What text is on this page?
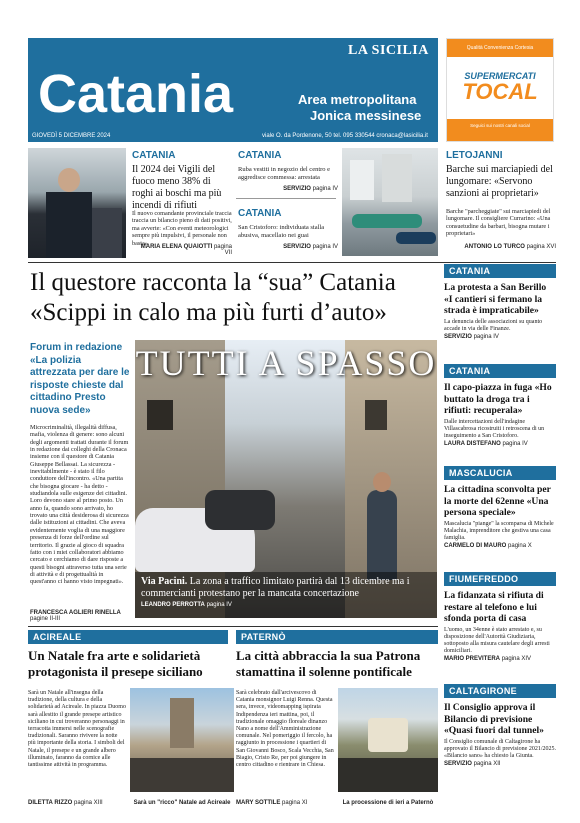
LA SICILIA
Catania	Area metropolitana
Jonica messinese
GIOVEDÌ 5 DICEMBRE 2024	viale O. da Pordenone, 50 tel. 095 330544 cronaca@lasicilia.it
Qualità Convenienza Cortesia
SUPERMERCATI
TOCAL
Seguici sui nostri canali social
CATANIA
Il 2024 dei Vigili del fuoco meno 38% di roghi ai boschi ma più incendi di rifiuti
Il nuovo comandante provinciale tracciа traccia un bilancio pieno di dati positivi, ma avverte: «Con eventi meteorologici sempre più impulsivi, il personale non basta»
MARIA ELENA QUAIOTTI pagina VII
CATANIA
Ruba vestiti in negozio del centro e aggredisce commessa: arrestata
SERVIZIO pagina IV
CATANIA
San Cristoforo: individuata stalla abusiva, macellaio nei guai
SERVIZIO pagina IV
LETOJANNI
Barche sui marciapiedi del lungomare: «Servono sanzioni ai proprietari»
Barche "parcheggiate" sui marciapiedi del lungomare. Il consigliere Currarino: «Una consuetudine da barbari, bisogna mutare i proprietari»
ANTONIO LO TURCO pagina XVI
Il questore racconta la “sua” Catania
«Scippi in calo ma più furti d’auto»
Forum in redazione «La polizia attrezzata per dare le risposte chieste dal cittadino Presto nuova sede»
Microcriminalità, illegalità diffusa, mafia, violenza di genere: sono alcuni degli argomenti trattati durante il forum in redazione dai colleghi della Cronaca insieme con il questore di Catania Giuseppe Bellassai. La sicurezza - inevitabilmente - è stato il filo conduttore dell'incontro. «Una partita che bisogna giocare - ha detto - studiandola sulle esigenze dei cittadini. Loro devono stare al primo posto. Un anno fa, quando sono arrivato, ho trovato una città desiderosa di sicurezza dalle istituzioni ai cittadini. Che aveva evidentemente voglia di una maggiore presenza di forze dell'ordine sul territorio. Il grazie al gioco di squadra fatto con i miei collaboratori abbiamo cercato e cerchiamo di dare risposte a questi bisogni attraverso tutta una serie di attività e di progettualità in quest'anno ci hanno visto impegnati».
FRANCESCA AGLIERI RINELLA pagine II-III
TUTTI A SPASSO
Via Pacini. La zona a traffico limitato partirà dal 13 dicembre ma i commercianti protestano per la mancata concertazione
LEANDRO PERROTTA pagina IV
CATANIA
La protesta a San Berillo «I cantieri si fermano la strada è impraticabile»
La denuncia delle associazioni su quanto accade in via delle Finanze.
SERVIZIO pagina IV
CATANIA
Il capo-piazza in fuga «Ho buttato la droga tra i rifiuti: recuperala»
Dalle intercettazioni dell'indagine Villascabrosa ricostruiti i retroscena di un inseguimento a San Cristoforo.
LAURA DISTEFANO pagina IV
MASCALUCIA
La cittadina sconvolta per la morte del 62enne «Una persona speciale»
Mascalucia "piange" la scomparsa di Michele Malachia, imprenditore che gestiva una casa famiglia.
CARMELO DI MAURO pagina X
FIUMEFREDDO
La fidanzata si rifiuta di restare al telefono e lui sfonda porta di casa
L'uomo, un 34enne è stato arrestato e, su disposizione dell'Autorità Giudiziaria, sottoposto alla misura cautelare degli arresti domiciliari.
MARIO PREVITERA pagina XIV
CALTAGIRONE
Il Consiglio approva il Bilancio di previsione «Quasi fuori dal tunnel»
Il Consiglio comunale di Caltagirone ha approvato il Bilancio di previsione 2021/2025. «Bilancio sano» ha chiesto la Giunta.
SERVIZIO pagina XII
ACIREALE
Un Natale fra arte e solidarietà protagonista il presepe siciliano
Sarà un Natale all'insegna della tradizione, della cultura e della solidarietà ad Acireale. In piazza Duomo sarà allestito il grande presepe artistico siciliano in cui troveranno personaggi in terracotta immersi nelle scenografie tradizionali. Saranno rivivere la notte più importante della storia. I simboli del Natale, il presepe e un grande albero illuminato, faranno da cornice alle tantissime attività in programma.
DILETTA RIZZO pagina XIII	Sarà un "ricco" Natale ad Acireale
PATERNÒ
La città abbraccia la sua Patrona stamattina il solenne pontificale
Sarà celebrato dall'arcivescovo di Catania monsignor Luigi Renna. Questa sera, invece, videomapping ispirata Indipendenza ieri mattina, poi, il tradizionale omaggio floreale dinanzo Nano a nome dell'Amministrazione comunale. Nel pomeriggio il fercolo, ha raggiunto in processione i quartieri di San Giovanni Bosco, Scala Vecchia, San Biagio, Cristo Re, per poi giungere in centro cittadino e rientrare in Chiesa.
MARY SOTTILE pagina XI	La processione di ieri a Paternò
